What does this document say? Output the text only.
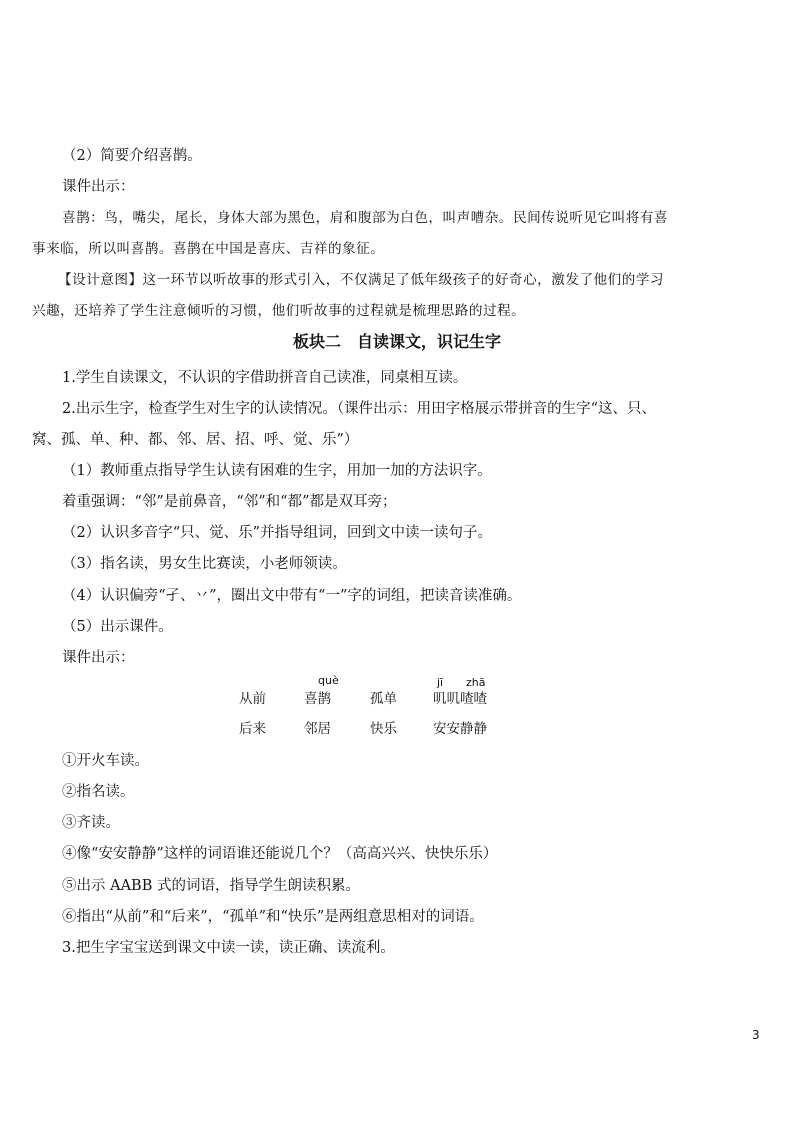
（2）简要介绍喜鹊。
课件出示：
喜鹊：鸟，嘴尖，尾长，身体大部为黑色，肩和腹部为白色，叫声嘈杂。民间传说听见它叫将有喜
事来临，所以叫喜鹊。喜鹊在中国是喜庆、吉祥的象征。
【设计意图】这一环节以听故事的形式引入，不仅满足了低年级孩子的好奇心，激发了他们的学习
兴趣，还培养了学生注意倾听的习惯，他们听故事的过程就是梳理思路的过程。
板块二　自读课文，识记生字
1.学生自读课文，不认识的字借助拼音自己读准，同桌相互读。
2.出示生字，检查学生对生字的认读情况。（课件出示：用田字格展示带拼音的生字“这、只、
窝、孤、单、种、都、邻、居、招、呼、觉、乐”）
（1）教师重点指导学生认读有困难的生字，用加一加的方法识字。
着重强调：“邻”是前鼻音，“邻”和“都”都是双耳旁；
（2）认识多音字“只、觉、乐”并指导组词，回到文中读一读句子。
（3）指名读，男女生比赛读，小老师领读。
（4）认识偏旁“孑、丷”，圈出文中带有“一”字的词组，把读音读准确。
（5）出示课件。
课件出示：
què	jī zhā
从前	喜鹊	孤单	叽叽喳喳
后来	邻居	快乐	安安静静
①开火车读。
②指名读。
③齐读。
④像“安安静静”这样的词语谁还能说几个？（高高兴兴、快快乐乐）
⑤出示 AABB 式的词语，指导学生朗读积累。
⑥指出“从前”和“后来”，“孤单”和“快乐”是两组意思相对的词语。
3.把生字宝宝送到课文中读一读，读正确、读流利。
3
